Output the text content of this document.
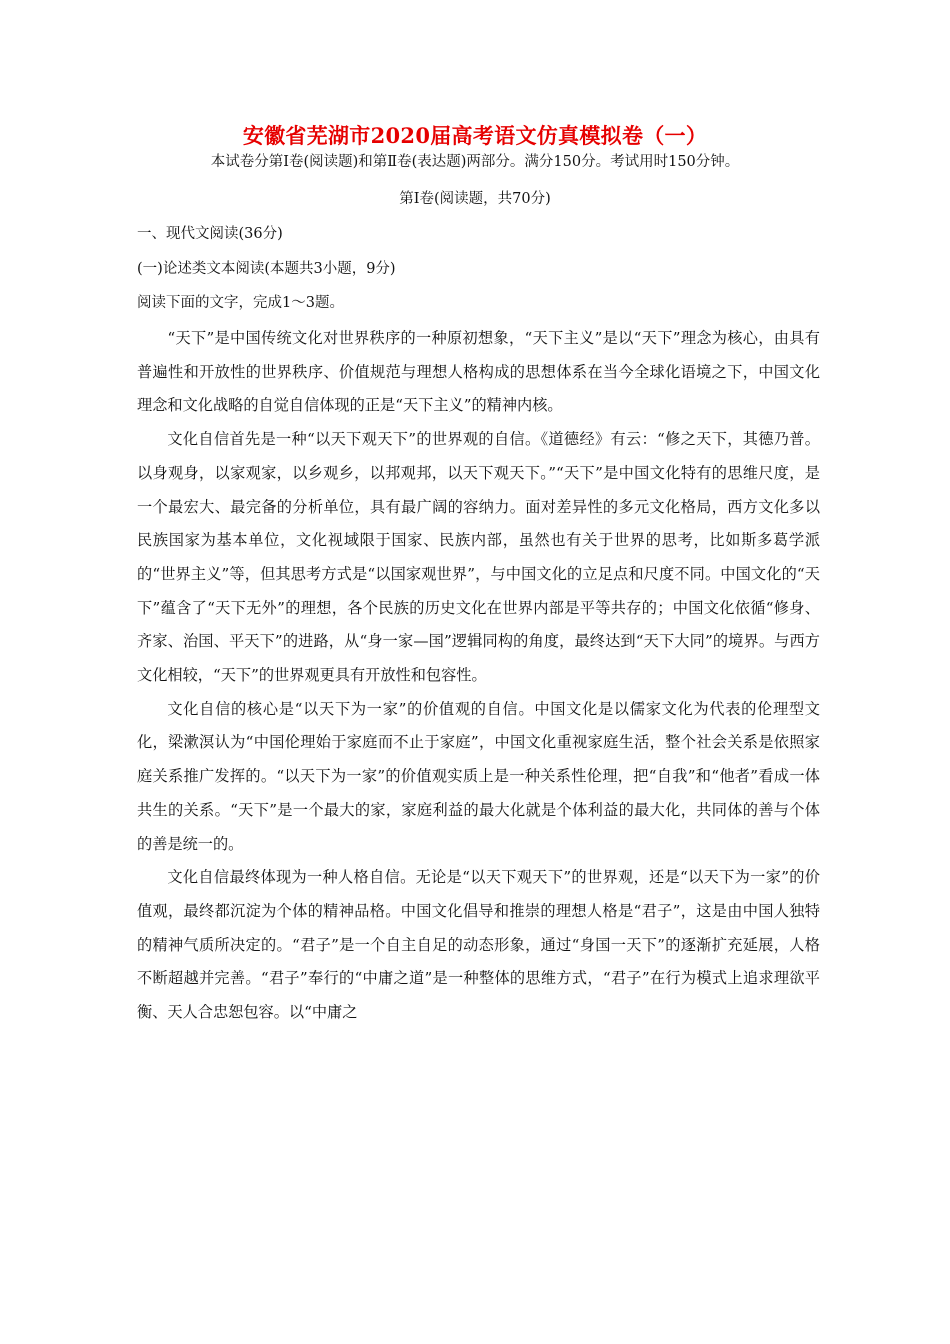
安徽省芜湖市2020届高考语文仿真模拟卷（一）
本试卷分第Ⅰ卷(阅读题)和第Ⅱ卷(表达题)两部分。满分150分。考试用时150分钟。
第Ⅰ卷(阅读题，共70分)
一、现代文阅读(36分)
(一)论述类文本阅读(本题共3小题，9分)
阅读下面的文字，完成1～3题。

“天下”是中国传统文化对世界秩序的一种原初想象，“天下主义”是以“天下”理念为核心，由具有普遍性和开放性的世界秩序、价值规范与理想人格构成的思想体系在当今全球化语境之下，中国文化理念和文化战略的自觉自信体现的正是“天下主义”的精神内核。

文化自信首先是一种“以天下观天下”的世界观的自信。《道德经》有云：“修之天下，其德乃普。以身观身，以家观家，以乡观乡，以邦观邦，以天下观天下。”“天下”是中国文化特有的思维尺度，是一个最宏大、最完备的分析单位，具有最广阔的容纳力。面对差异性的多元文化格局，西方文化多以民族国家为基本单位，文化视域限于国家、民族内部，虽然也有关于世界的思考，比如斯多葛学派的“世界主义”等，但其思考方式是“以国家观世界”，与中国文化的立足点和尺度不同。中国文化的“天下”蕴含了“天下无外”的理想，各个民族的历史文化在世界内部是平等共存的；中国文化依循“修身、齐家、治国、平天下”的进路，从“身一家—国”逻辑同构的角度，最终达到“天下大同”的境界。与西方文化相较，“天下”的世界观更具有开放性和包容性。

文化自信的核心是“以天下为一家”的价值观的自信。中国文化是以儒家文化为代表的伦理型文化，梁漱溟认为“中国伦理始于家庭而不止于家庭”，中国文化重视家庭生活，整个社会关系是依照家庭关系推广发挥的。“以天下为一家”的价值观实质上是一种关系性伦理，把“自我”和“他者”看成一体共生的关系。“天下”是一个最大的家，家庭利益的最大化就是个体利益的最大化，共同体的善与个体的善是统一的。

文化自信最终体现为一种人格自信。无论是“以天下观天下”的世界观，还是“以天下为一家”的价值观，最终都沉淀为个体的精神品格。中国文化倡导和推崇的理想人格是“君子”，这是由中国人独特的精神气质所决定的。“君子”是一个自主自足的动态形象，通过“身国一天下”的逐渐扩充延展，人格不断超越并完善。“君子”奉行的“中庸之道”是一种整体的思维方式，“君子”在行为模式上追求理欲平衡、天人合忠恕包容。以“中庸之
